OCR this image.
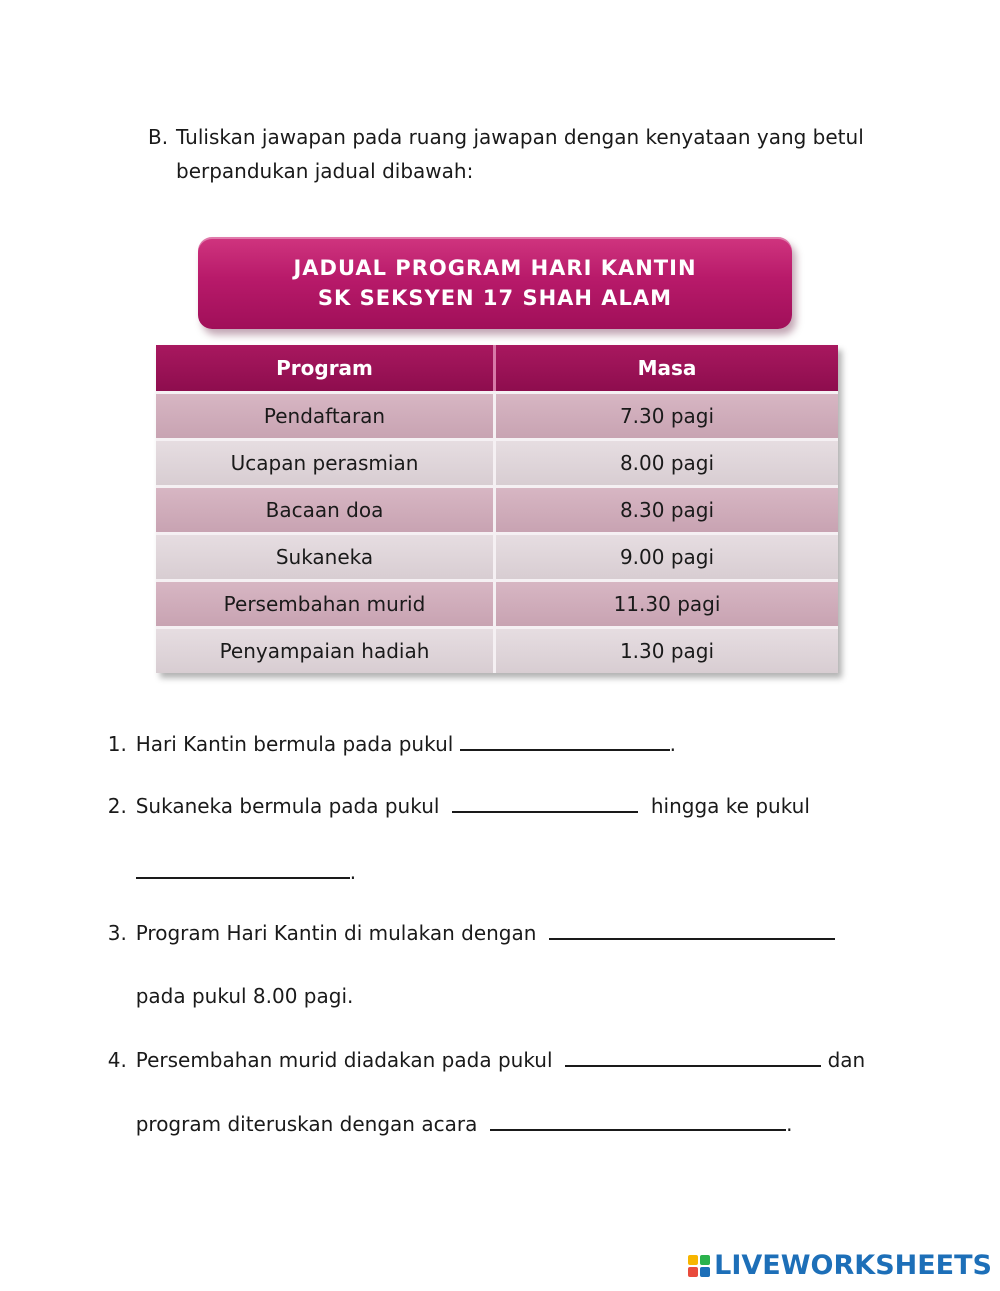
B. Tuliskan jawapan pada ruang jawapan dengan kenyataan yang betul berpandukan jadual dibawah:
JADUAL PROGRAM HARI KANTIN
SK SEKSYEN 17 SHAH ALAM
Program	Masa
Pendaftaran	7.30 pagi
Ucapan perasmian	8.00 pagi
Bacaan doa	8.30 pagi
Sukaneka	9.00 pagi
Persembahan murid	11.30 pagi
Penyampaian hadiah	1.30 pagi

1. Hari Kantin bermula pada pukul	.

2. Sukaneka bermula pada pukul	hingga ke pukul

.

3. Program Hari Kantin di mulakan dengan

pada pukul 8.00 pagi.

4. Persembahan murid diadakan pada pukul	dan

program diteruskan dengan acara	.

LIVEWORKSHEETS
